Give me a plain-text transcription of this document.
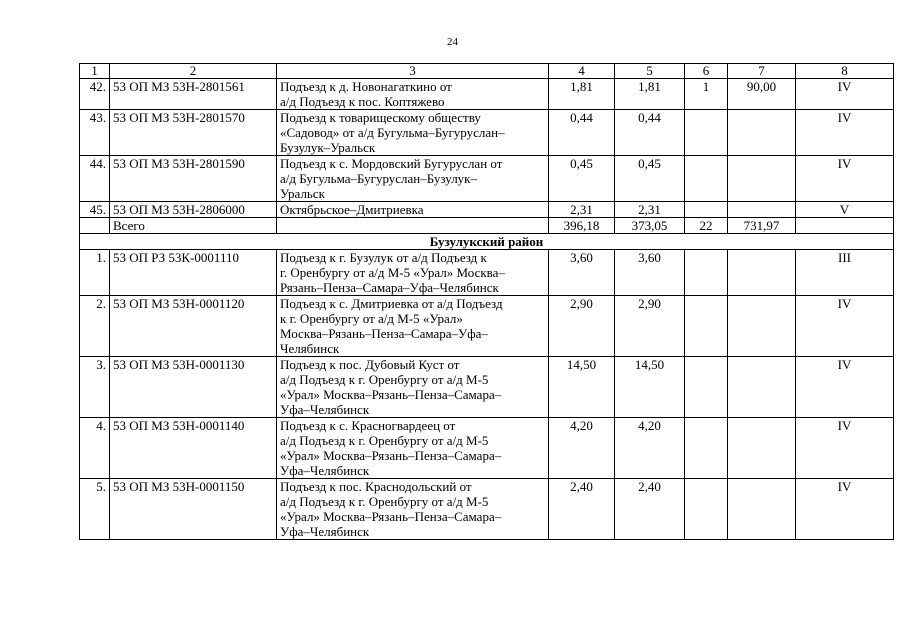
24
1	2	3	4	5	6	7	8
42.	53 ОП МЗ 53Н-2801561	Подъезд к д. Новонагаткино от
а/д Подъезд к пос. Коптяжево	1,81	1,81	1	90,00	IV
43.	53 ОП МЗ 53Н-2801570	Подъезд к товарищескому обществу
«Садовод» от а/д Бугульма–Бугуруслан–
Бузулук–Уральск	0,44	0,44			IV
44.	53 ОП МЗ 53Н-2801590	Подъезд к с. Мордовский Бугуруслан от
а/д Бугульма–Бугуруслан–Бузулук–
Уральск	0,45	0,45			IV
45.	53 ОП МЗ 53Н-2806000	Октябрьское–Дмитриевка	2,31	2,31			V
	Всего		396,18	373,05	22	731,97	
Бузулукский район							
1.	53 ОП РЗ 53К-0001110	Подъезд к г. Бузулук от а/д Подъезд к
г. Оренбургу от а/д М-5 «Урал» Москва–
Рязань–Пенза–Самара–Уфа–Челябинск	3,60	3,60			III
2.	53 ОП МЗ 53Н-0001120	Подъезд к с. Дмитриевка от а/д Подъезд
к г. Оренбургу от а/д М-5 «Урал»
Москва–Рязань–Пенза–Самара–Уфа–
Челябинск	2,90	2,90			IV
3.	53 ОП МЗ 53Н-0001130	Подъезд к пос. Дубовый Куст от
а/д Подъезд к г. Оренбургу от а/д М-5
«Урал» Москва–Рязань–Пенза–Самара–
Уфа–Челябинск	14,50	14,50			IV
4.	53 ОП МЗ 53Н-0001140	Подъезд к с. Красногвардеец от
а/д Подъезд к г. Оренбургу от а/д М-5
«Урал» Москва–Рязань–Пенза–Самара–
Уфа–Челябинск	4,20	4,20			IV
5.	53 ОП МЗ 53Н-0001150	Подъезд к пос. Краснодольский от
а/д Подъезд к г. Оренбургу от а/д М-5
«Урал» Москва–Рязань–Пенза–Самара–
Уфа–Челябинск	2,40	2,40			IV
